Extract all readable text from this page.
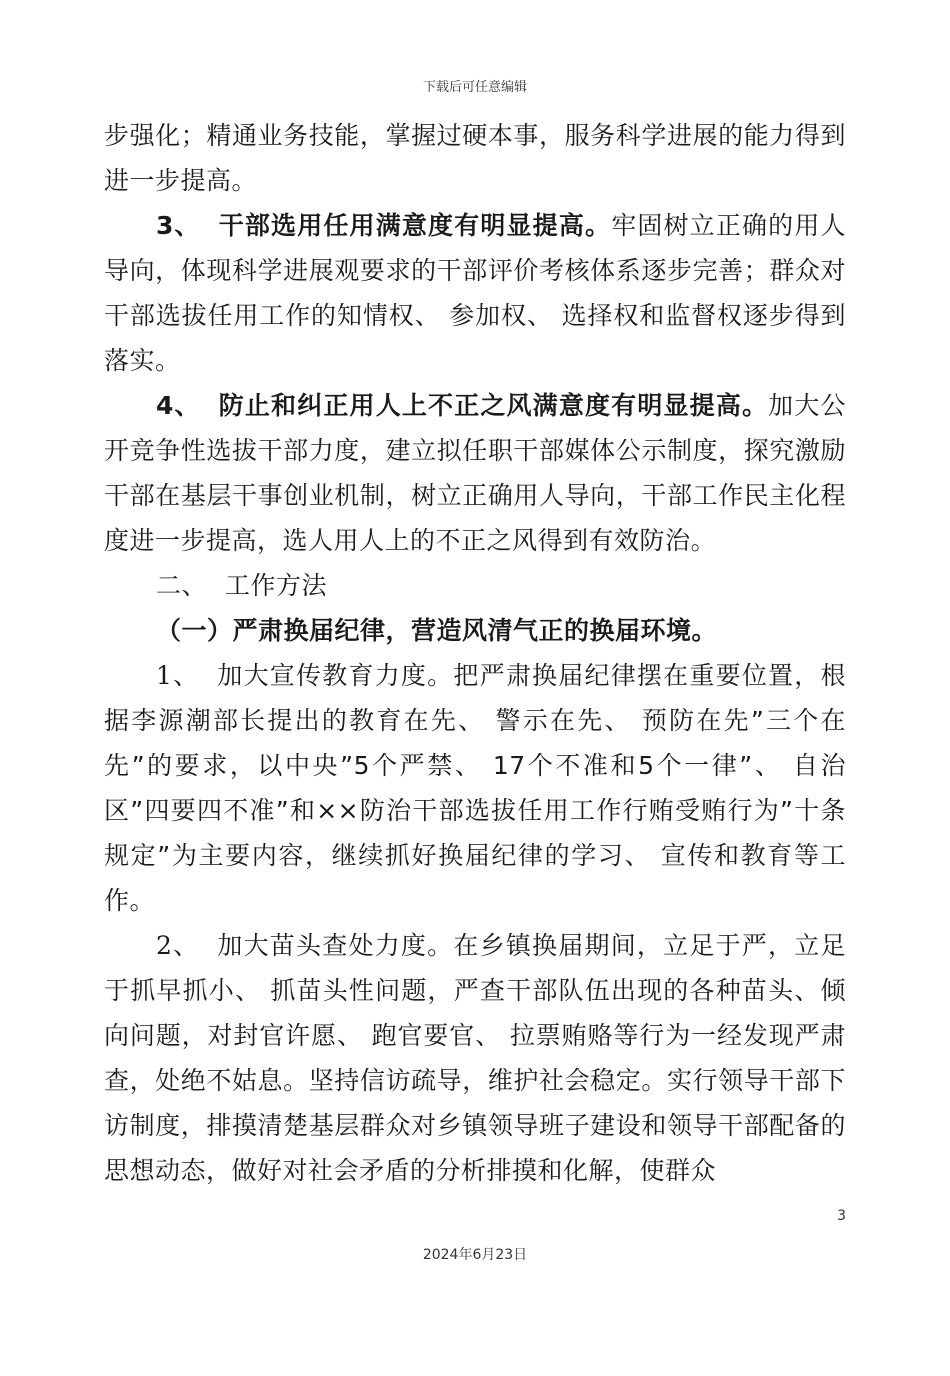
下载后可任意编辑

步强化；精通业务技能，掌握过硬本事，服务科学进展的能力得到进一步提高。

3、 干部选用任用满意度有明显提高。牢固树立正确的用人导向，体现科学进展观要求的干部评价考核体系逐步完善；群众对干部选拔任用工作的知情权、 参加权、 选择权和监督权逐步得到落实。

4、 防止和纠正用人上不正之风满意度有明显提高。加大公开竞争性选拔干部力度，建立拟任职干部媒体公示制度，探究激励干部在基层干事创业机制，树立正确用人导向，干部工作民主化程度进一步提高，选人用人上的不正之风得到有效防治。

二、 工作方法

（一）严肃换届纪律，营造风清气正的换届环境。

1、 加大宣传教育力度。把严肃换届纪律摆在重要位置，根据李源潮部长提出的教育在先、 警示在先、 预防在先”三个在先”的要求，以中央”5个严禁、 17个不准和5个一律”、 自治区”四要四不准”和××防治干部选拔任用工作行贿受贿行为”十条规定”为主要内容，继续抓好换届纪律的学习、 宣传和教育等工作。

2、 加大苗头查处力度。在乡镇换届期间，立足于严，立足于抓早抓小、 抓苗头性问题，严查干部队伍出现的各种苗头、倾向问题，对封官许愿、 跑官要官、 拉票贿赂等行为一经发现严肃查，处绝不姑息。坚持信访疏导，维护社会稳定。实行领导干部下访制度，排摸清楚基层群众对乡镇领导班子建设和领导干部配备的思想动态，做好对社会矛盾的分析排摸和化解，使群众

3
2024年6月23日
